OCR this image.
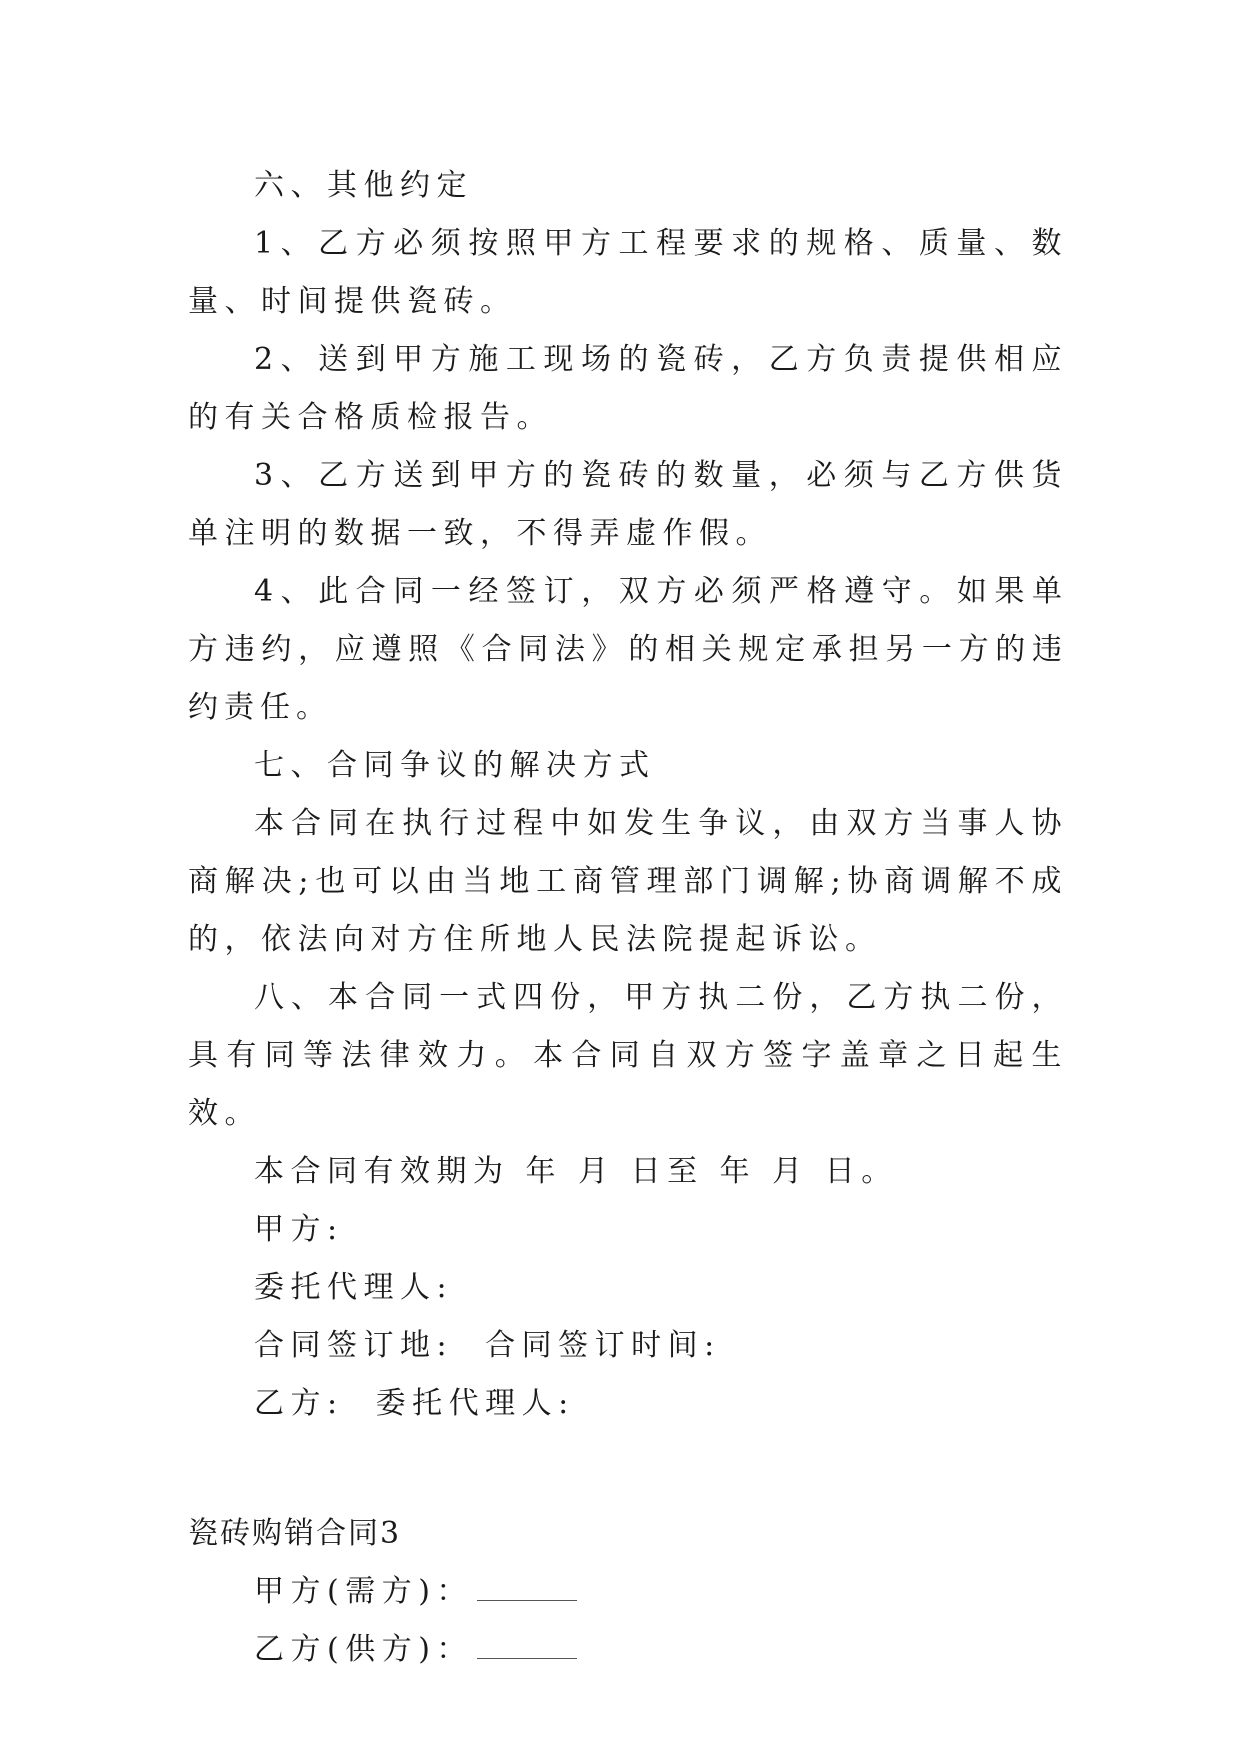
六、其他约定

1、乙方必须按照甲方工程要求的规格、质量、数量、时间提供瓷砖。

2、送到甲方施工现场的瓷砖，乙方负责提供相应的有关合格质检报告。

3、乙方送到甲方的瓷砖的数量，必须与乙方供货单注明的数据一致，不得弄虚作假。

4、此合同一经签订，双方必须严格遵守。如果单方违约，应遵照《合同法》的相关规定承担另一方的违约责任。

七、合同争议的解决方式

本合同在执行过程中如发生争议，由双方当事人协商解决;也可以由当地工商管理部门调解;协商调解不成的，依法向对方住所地人民法院提起诉讼。

八、本合同一式四份，甲方执二份，乙方执二份，具有同等法律效力。本合同自双方签字盖章之日起生效。

本合同有效期为 年 月 日至 年 月 日。

甲方:

委托代理人:

合同签订地:  合同签订时间:

乙方:  委托代理人:

瓷砖购销合同3

甲方(需方)：

乙方(供方)：
